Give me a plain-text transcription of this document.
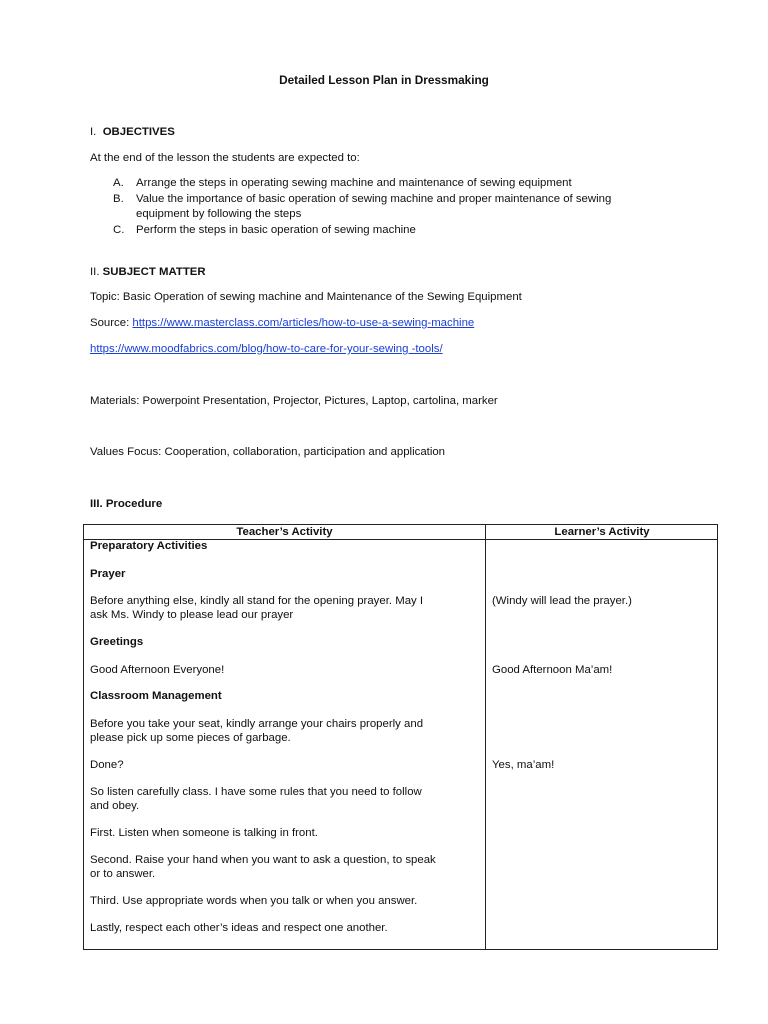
Detailed Lesson Plan in Dressmaking
I. OBJECTIVES
At the end of the lesson the students are expected to:
A. Arrange the steps in operating sewing machine and maintenance of sewing equipment
B. Value the importance of basic operation of sewing machine and proper maintenance of sewing
equipment by following the steps
C. Perform the steps in basic operation of sewing machine
II. SUBJECT MATTER
Topic: Basic Operation of sewing machine and Maintenance of the Sewing Equipment
Source: https://www.masterclass.com/articles/how-to-use-a-sewing-machine
https://www.moodfabrics.com/blog/how-to-care-for-your-sewing -tools/
Materials: Powerpoint Presentation, Projector, Pictures, Laptop, cartolina, marker
Values Focus: Cooperation, collaboration, participation and application
III. Procedure
Teacher’s Activity	Learner’s Activity
Preparatory Activities
Prayer
Before anything else, kindly all stand for the opening prayer. May I
ask Ms. Windy to please lead our prayer
Greetings
Good Afternoon Everyone!
Classroom Management
Before you take your seat, kindly arrange your chairs properly and
please pick up some pieces of garbage.
Done?
So listen carefully class. I have some rules that you need to follow
and obey.
First. Listen when someone is talking in front.
Second. Raise your hand when you want to ask a question, to speak
or to answer.
Third. Use appropriate words when you talk or when you answer.
Lastly, respect each other’s ideas and respect one another.
(Windy will lead the prayer.)
Good Afternoon Ma’am!
Yes, ma’am!
